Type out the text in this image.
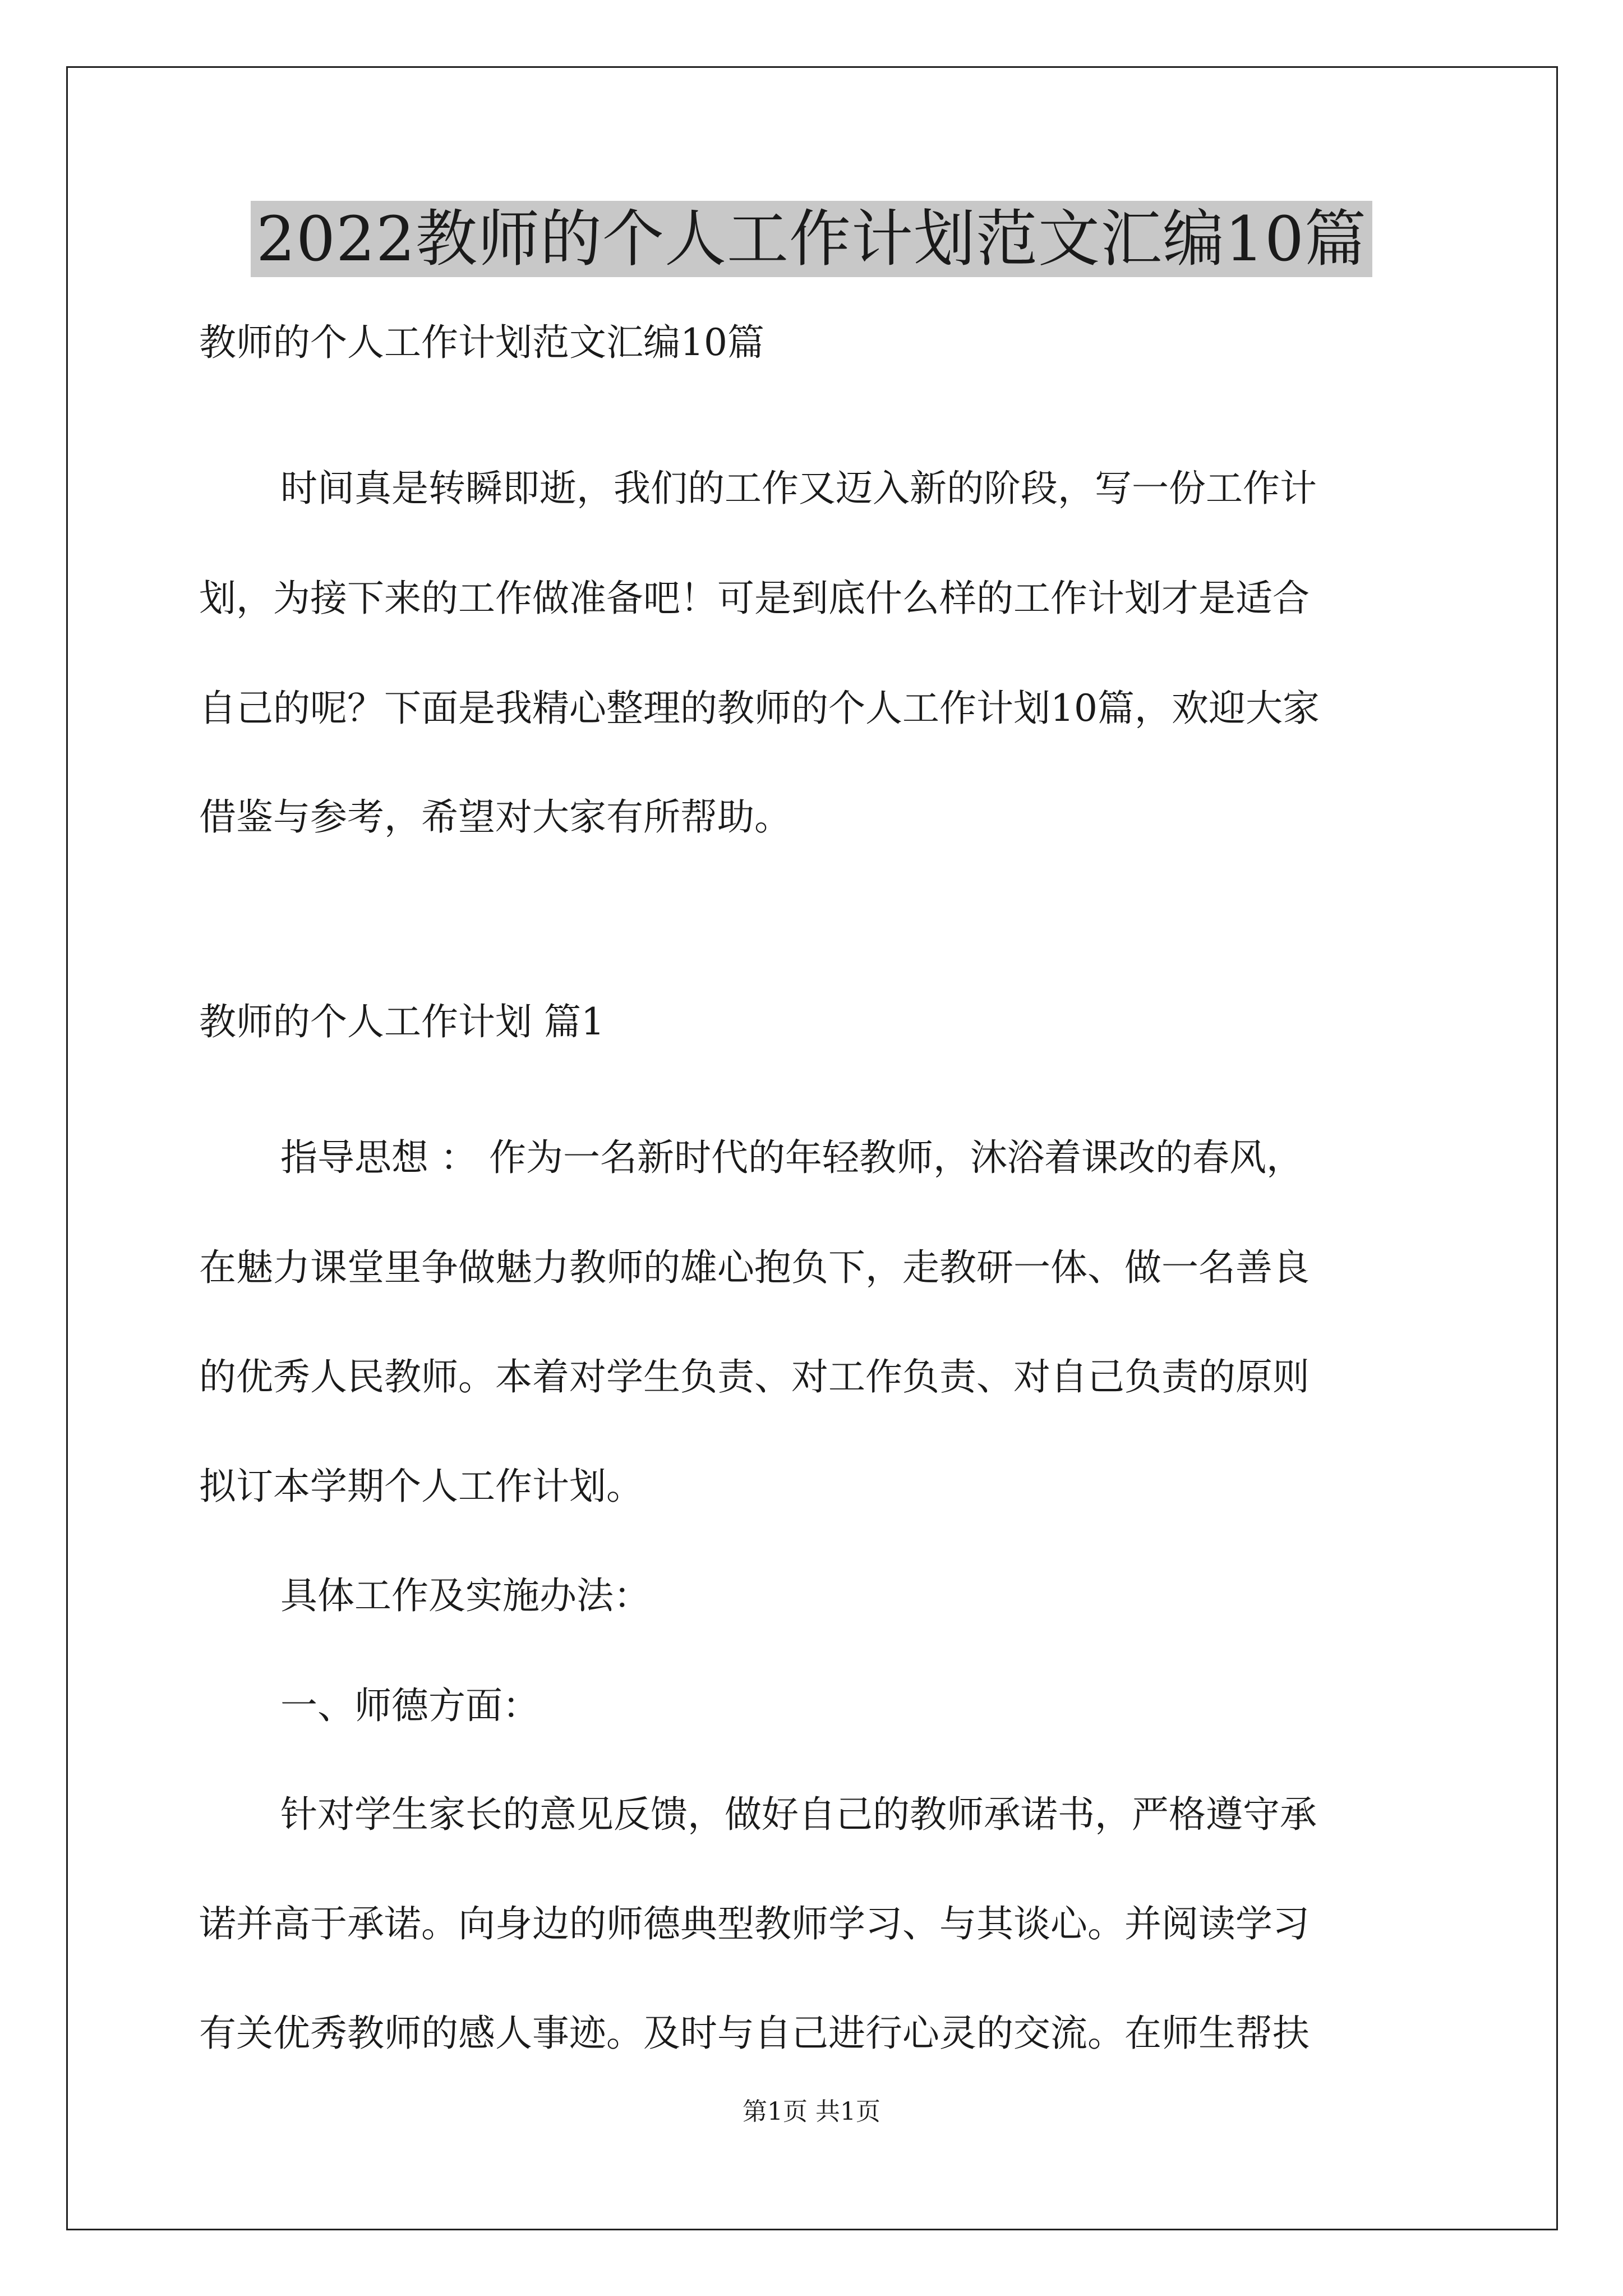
2022教师的个人工作计划范文汇编10篇
教师的个人工作计划范文汇编10篇
时间真是转瞬即逝，我们的工作又迈入新的阶段，写一份工作计
划，为接下来的工作做准备吧！可是到底什么样的工作计划才是适合
自己的呢？下面是我精心整理的教师的个人工作计划10篇，欢迎大家
借鉴与参考，希望对大家有所帮助。
教师的个人工作计划 篇1
指导思想 ： 作为一名新时代的年轻教师，沐浴着课改的春风，
在魅力课堂里争做魅力教师的雄心抱负下，走教研一体、做一名善良
的优秀人民教师。本着对学生负责、对工作负责、对自己负责的原则
拟订本学期个人工作计划。
具体工作及实施办法：
一、师德方面：
针对学生家长的意见反馈，做好自己的教师承诺书，严格遵守承
诺并高于承诺。向身边的师德典型教师学习、与其谈心。并阅读学习
有关优秀教师的感人事迹。及时与自己进行心灵的交流。在师生帮扶
第1页 共1页
